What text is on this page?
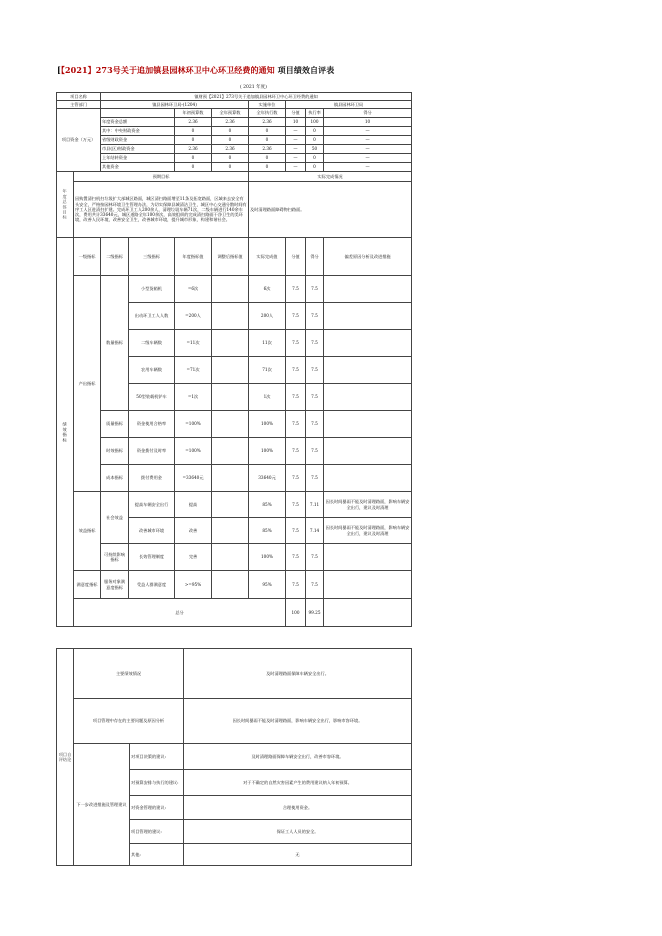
[【2021】273号关于追加镇县园林环卫中心环卫经费的通知 项目绩效自评表
( 2021 年度)
项目名称		镇财预【2021】273号关于追加镇县园林环卫中心环卫经费的通知							
主管部门		镇县园林环卫局-(1204)				实施单位	镇县园林环卫局		
项目资金（万元）				年初预算数	全年预算数	全年执行数	分值	执行率	得分
		年度资金总额		2.36	2.36	2.36	10	100	10
		其中：中央财政资金		0	0	0	—	0	—
		省级财政资金		0	0	0	—	0	—
		市县(区)财政资金		2.36	2.36	2.36	—	50	—
		上年结转资金		0	0	0	—	0	—
		其他资金		0	0	0	—	0	—
年度总体目标	预期目标					实际完成情况			
	因购置清扫机扫垃圾扩大部城区路面，城区清扫路面增至11条及拓宽路面，区域来去安全有头安全，严格按园林环境卫生管理办法，为切实保障县城清洁卫生，城区中心交通分散时间有序工人区进清扫扩建。完成环卫工人200余人，清理垃圾车辆71次，二级车辆进行140余车次，费用共计33640元，城区道路全年100余次，高效组织的完成清扫路面干净卫生的美环境，改善人民环境，改善安全卫生，改善城市环境，提升城市形象，构建和谐社会。					及时清理路面障碍物扫路面。			
绩效指标	一级指标	二级指标	三级指标	年度指标值	调整后指标值	实际完成值	分值	得分	偏差原因分析及改进措施
	产出指标	数量指标	小型货箱机	=6次		6次	7.5	7.5	
			出动环卫工人人数	=200人		200人	7.5	7.5	
			二级车辆数	=11次		11次	7.5	7.5	
			农用车辆数	=71次		71次	7.5	7.5	
			50型装载机铲车	=1次		1次	7.5	7.5	
		质量指标	资金使用合格率	=100%		100%	7.5	7.5	
		时效指标	资金拨付及时率	=100%		100%	7.5	7.5	
		成本指标	拨付费用金	=33640元		33640元	7.5	7.5	
	效益指标	社会效益	提高车辆安全出行	提高		85%	7.5	7.11	因长时间暴雨不能及时清理路面，影响车辆安全出行，建议及时清理
			改善城市环境	改善		85%	7.5	7.14	因长时间暴雨不能及时清理路面，影响车辆安全出行，建议及时清理
		可持续影响指标	长效管理制度	完善		100%	7.5	7.5	
	满意度指标	服务对象满意度指标	受益人群满意度	>=95%		95%	7.5	7.5	
	总分						100	99.25	
项目自评结论	主要绩效情况		及时清理路面保障车辆安全出行。
	项目管理中存在的主要问题及原因分析		因长时间暴雨不能及时清理路面，影响车辆安全出行，影响市容环境。
	下一步改进措施及管理建议	对项目决策的建议:	及时清理路面保障车辆安全出行，改善市容环境。
		对预算安排与执行的建议:	对于不确定的自然灾害因素产生的费用建议纳入年初预算。
		对资金管理的建议:	合理使用资金。
		项目管理的建议:	保证工人人员的安全。
		其他:	无
